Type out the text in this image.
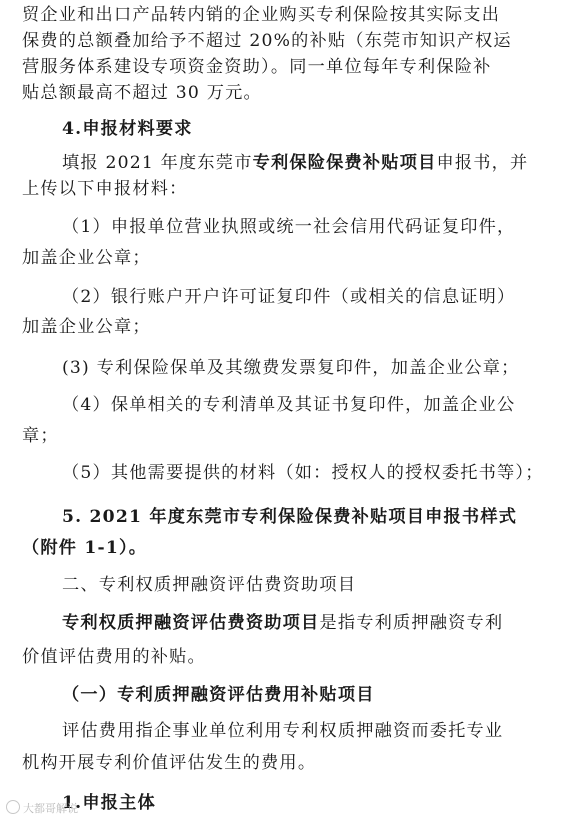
贸企业和出口产品转内销的企业购买专利保险按其实际支出
保费的总额叠加给予不超过 20%的补贴（东莞市知识产权运
营服务体系建设专项资金资助）。同一单位每年专利保险补
贴总额最高不超过 30 万元。
4.申报材料要求
填报 2021 年度东莞市专利保险保费补贴项目申报书，并
上传以下申报材料：
（1）申报单位营业执照或统一社会信用代码证复印件，
加盖企业公章；
（2）银行账户开户许可证复印件（或相关的信息证明）
加盖企业公章；
(3) 专利保险保单及其缴费发票复印件，加盖企业公章；
（4）保单相关的专利清单及其证书复印件，加盖企业公
章；
（5）其他需要提供的材料（如：授权人的授权委托书等）；
5. 2021 年度东莞市专利保险保费补贴项目申报书样式
（附件 1-1）。
二、专利权质押融资评估费资助项目
专利权质押融资评估费资助项目是指专利质押融资专利
价值评估费用的补贴。
（一）专利质押融资评估费用补贴项目
评估费用指企事业单位利用专利权质押融资而委托专业
机构开展专利价值评估发生的费用。
1.申报主体
大都哥解说
